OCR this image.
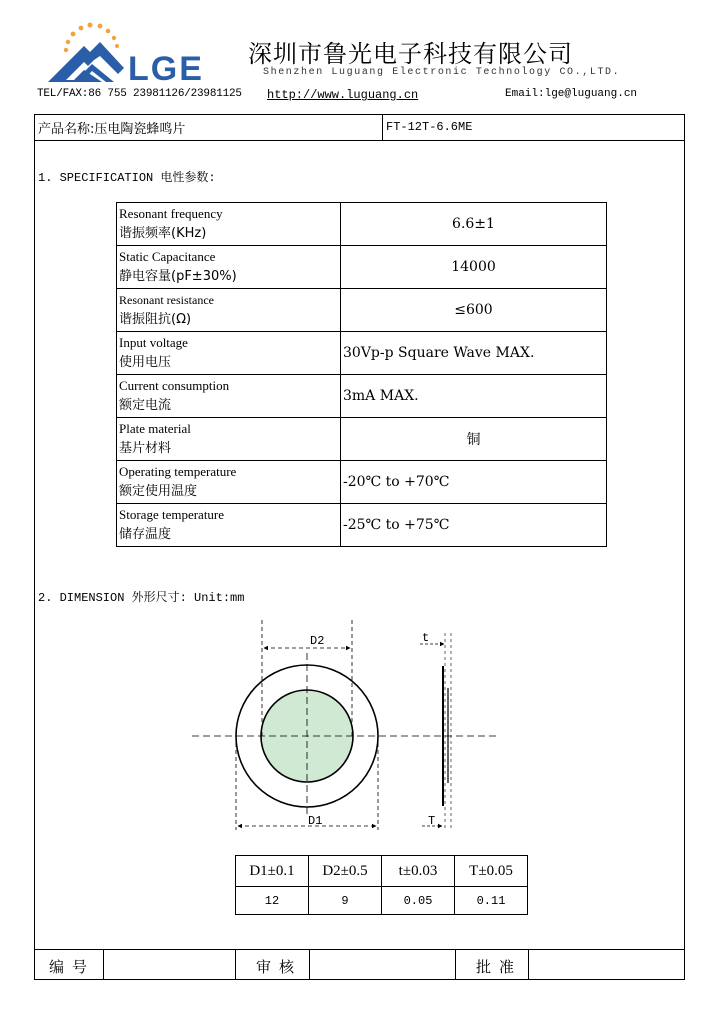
LGE 深圳市鲁光电子科技有限公司
Shenzhen Luguang Electronic Technology CO.,LTD.
TEL/FAX:86 755 23981126/23981125 http://www.luguang.cn	Email:lge@luguang.cn
产品名称:压电陶瓷蜂鸣片	FT-12T-6.6ME
1. SPECIFICATION 电性参数:
Resonant frequency
谐振频率(KHz)	6.6±1

Static Capacitance
静电容量(pF±30%)	14000

Resonant resistance
谐振阻抗(Ω)	≤600

Input voltage
使用电压	30Vp-p Square Wave MAX.

Current consumption
额定电流	3mA MAX.

Plate material
基片材料	铜

Operating temperature
额定使用温度	-20℃ to +70℃

Storage temperature
储存温度	-25℃ to +75℃
2. DIMENSION 外形尺寸: Unit:mm
D2
D1
t
T
D1±0.1	D2±0.5	t±0.03	T±0.05
12	9	0.05	0.11
编号	审核	批准
